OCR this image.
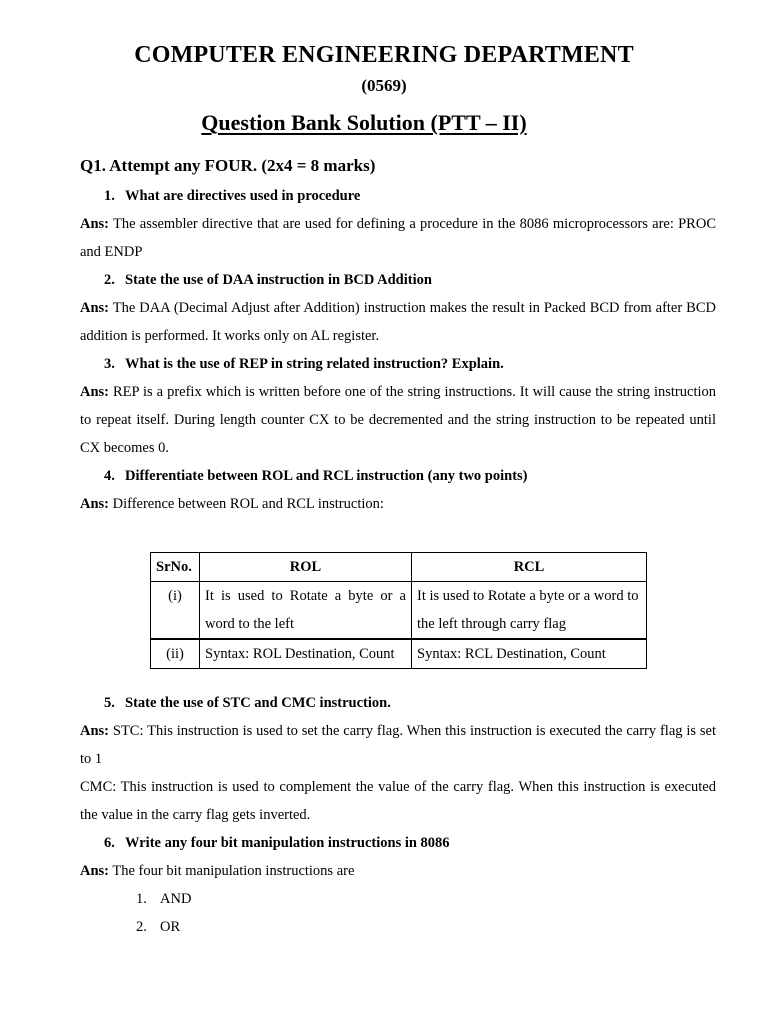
COMPUTER ENGINEERING DEPARTMENT
(0569)
Question Bank Solution (PTT – II)

Q1. Attempt any FOUR. (2x4 = 8 marks)

1. What are directives used in procedure

Ans: The assembler directive that are used for defining a procedure in the 8086 microprocessors are: PROC and ENDP

2. State the use of DAA instruction in BCD Addition

Ans: The DAA (Decimal Adjust after Addition) instruction makes the result in Packed BCD from after BCD addition is performed. It works only on AL register.

3. What is the use of REP in string related instruction? Explain.

Ans: REP is a prefix which is written before one of the string instructions. It will cause the string instruction to repeat itself. During length counter CX to be decremented and the string instruction to be repeated until CX becomes 0.

4. Differentiate between ROL and RCL instruction (any two points)

Ans: Difference between ROL and RCL instruction:

SrNo.	ROL	RCL
(i)	It is used to Rotate a byte or a word to the left	It is used to Rotate a byte or a word to the left through carry flag
(ii)	Syntax: ROL Destination, Count	Syntax: RCL Destination, Count

5. State the use of STC and CMC instruction.

Ans: STC: This instruction is used to set the carry flag. When this instruction is executed the carry flag is set to 1

CMC: This instruction is used to complement the value of the carry flag. When this instruction is executed the value in the carry flag gets inverted.

6. Write any four bit manipulation instructions in 8086

Ans: The four bit manipulation instructions are

1. AND
2. OR
